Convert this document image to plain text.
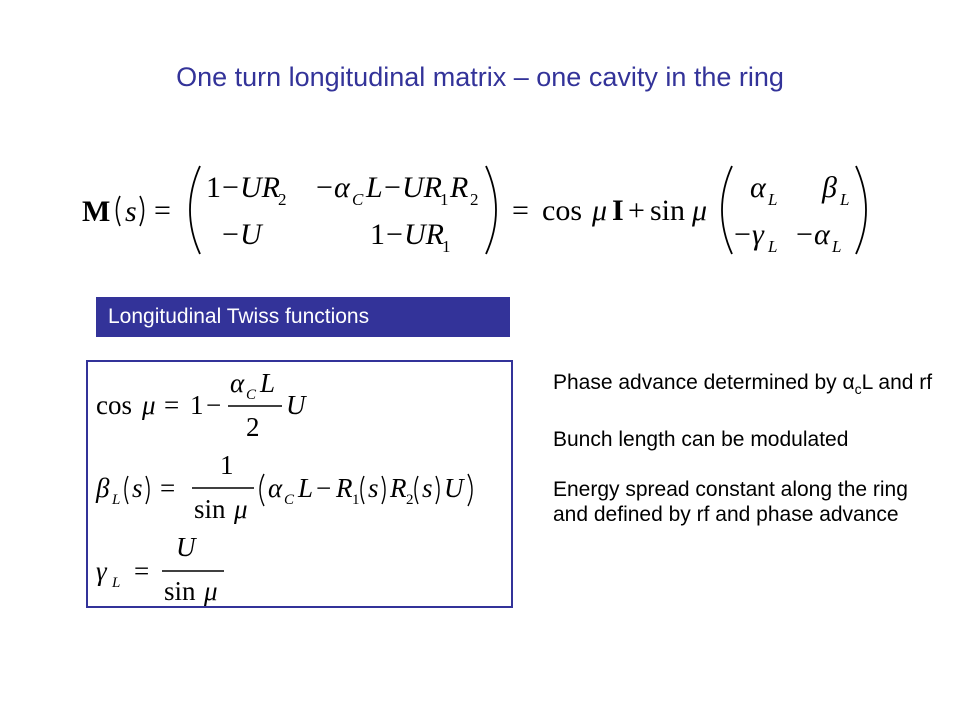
One turn longitudinal matrix – one cavity in the ring
M s =
1 − UR
2 − α C L − UR
1 R 2
− U	1 − UR
1
= cos μ I + sin μ
α L β L
− γ L − α L
Longitudinal Twiss functions
cos μ = 1 −
α C L
2
U
β L s =
1
sin μ
α C L − R 1 s R 2 s U
γ L =
U
sin μ
Phase advance determined by $\alpha_cL$ and rf
Bunch length can be modulated
Energy spread constant along the ring and defined by rf and phase advance
